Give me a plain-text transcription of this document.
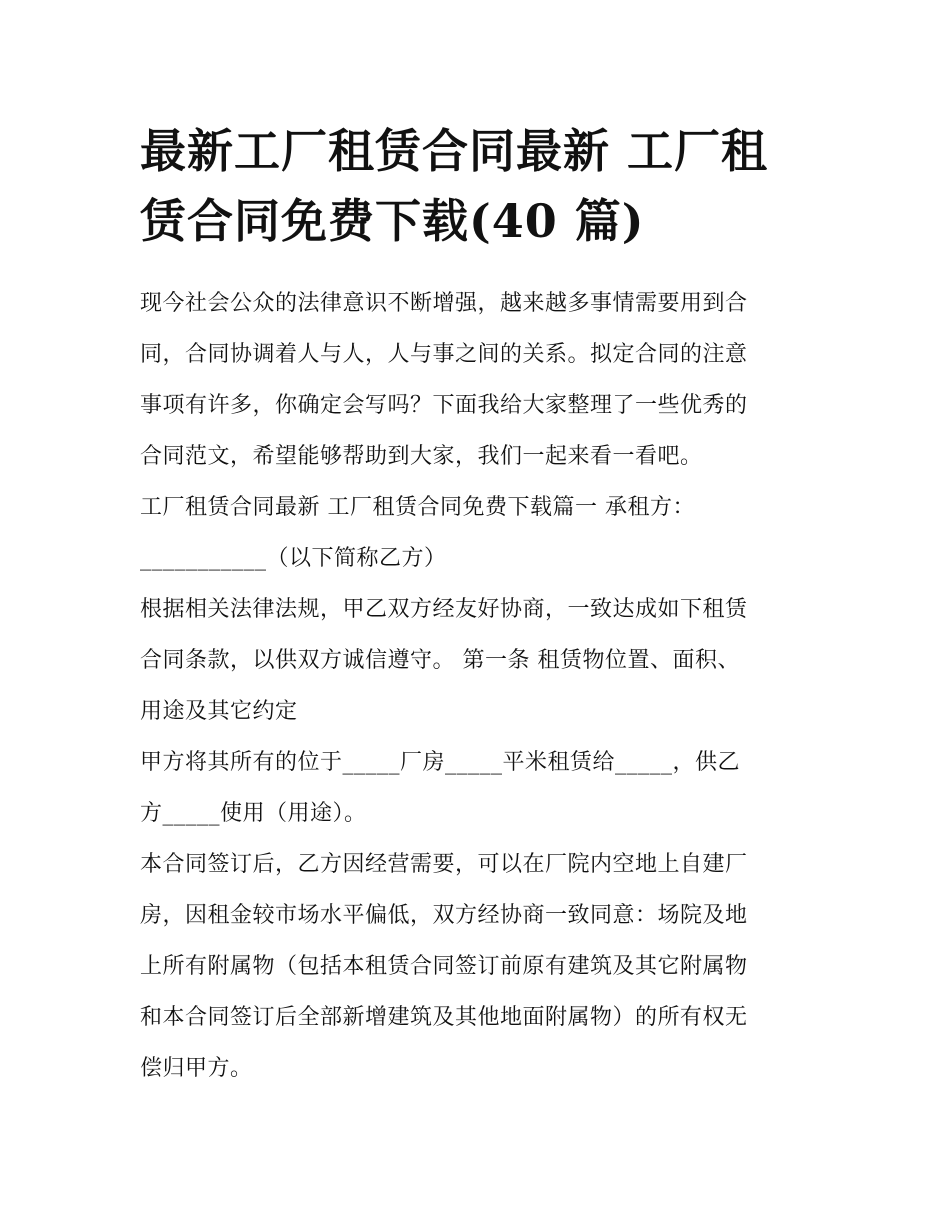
最新工厂租赁合同最新 工厂租
赁合同免费下载(40 篇)
现今社会公众的法律意识不断增强，越来越多事情需要用到合
同，合同协调着人与人，人与事之间的关系。拟定合同的注意
事项有许多，你确定会写吗？下面我给大家整理了一些优秀的
合同范文，希望能够帮助到大家，我们一起来看一看吧。
工厂租赁合同最新 工厂租赁合同免费下载篇一 承租方：
___________（以下简称乙方）
根据相关法律法规，甲乙双方经友好协商，一致达成如下租赁
合同条款，以供双方诚信遵守。 第一条 租赁物位置、面积、
用途及其它约定
甲方将其所有的位于_____厂房_____平米租赁给_____，供乙
方_____使用（用途）。
本合同签订后，乙方因经营需要，可以在厂院内空地上自建厂
房，因租金较市场水平偏低，双方经协商一致同意：场院及地
上所有附属物（包括本租赁合同签订前原有建筑及其它附属物
和本合同签订后全部新增建筑及其他地面附属物）的所有权无
偿归甲方。
